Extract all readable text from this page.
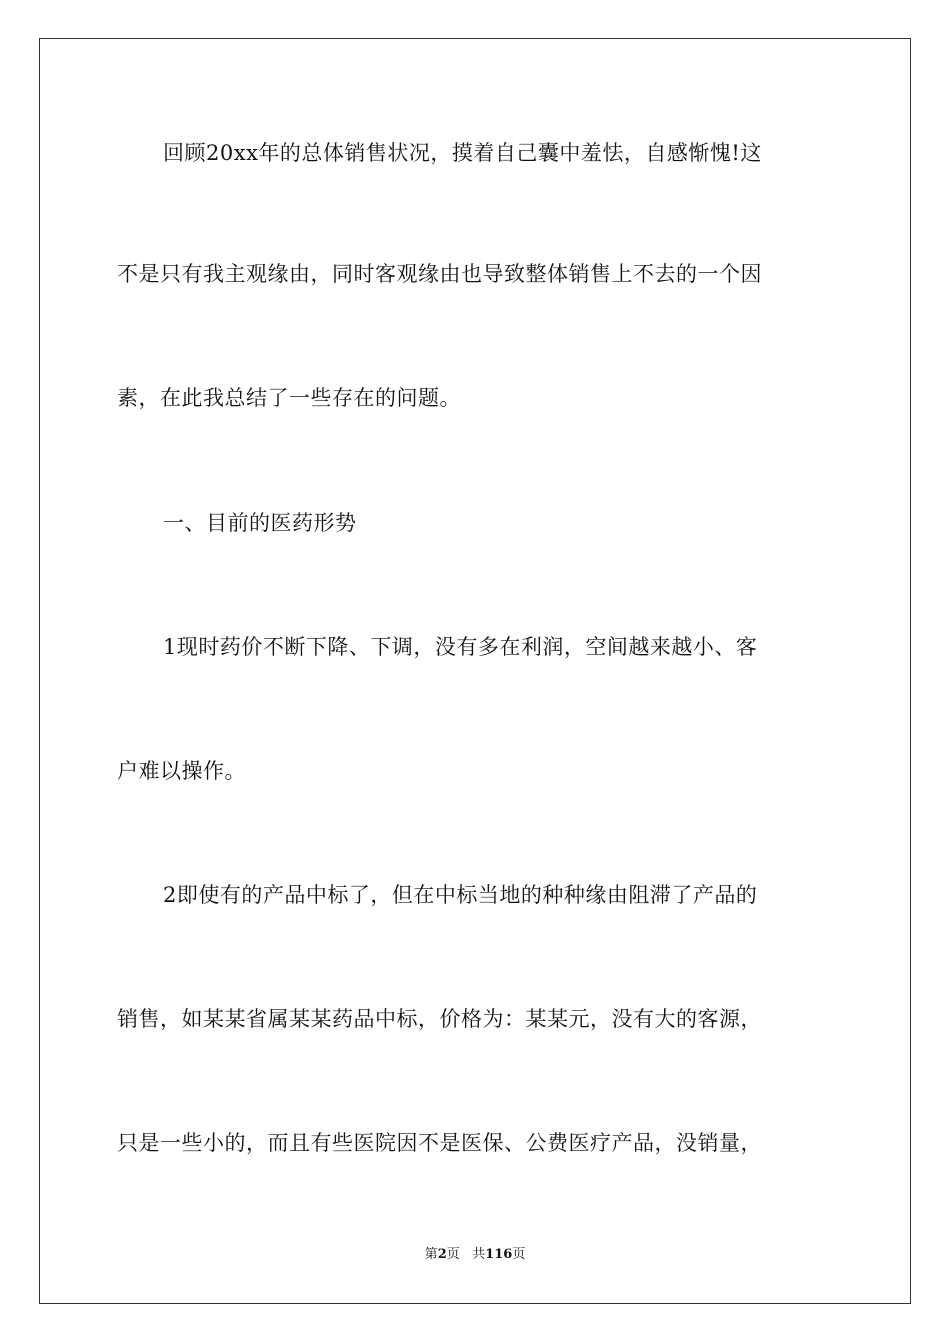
回顾20xx年的总体销售状况，摸着自己囊中羞怯，自感惭愧!这
不是只有我主观缘由，同时客观缘由也导致整体销售上不去的一个因
素，在此我总结了一些存在的问题。
一、目前的医药形势
1现时药价不断下降、下调，没有多在利润，空间越来越小、客
户难以操作。
2即使有的产品中标了，但在中标当地的种种缘由阻滞了产品的
销售，如某某省属某某药品中标，价格为：某某元，没有大的客源，
只是一些小的，而且有些医院因不是医保、公费医疗产品，没销量，
第2页 共116页
